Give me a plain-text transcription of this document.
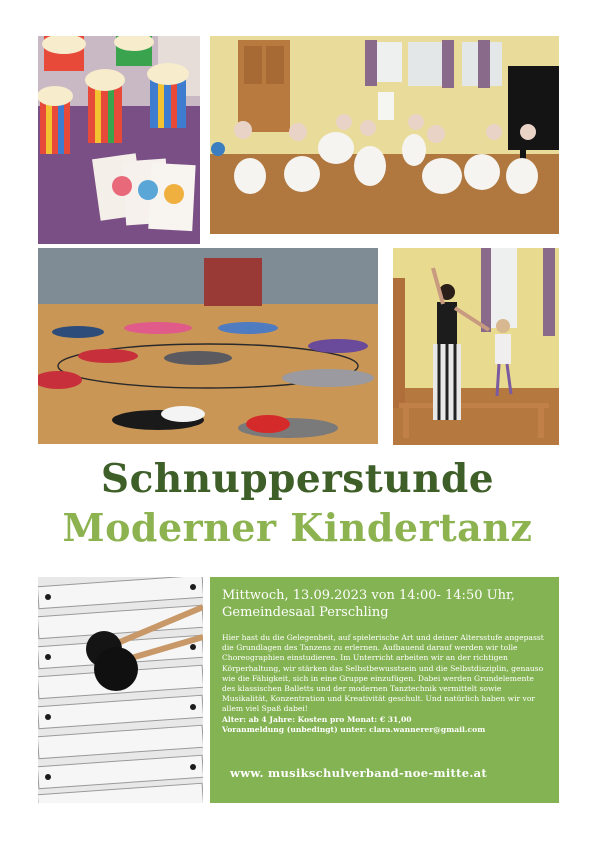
Schnupperstunde
Moderner Kindertanz

Mittwoch, 13.09.2023 von 14:00- 14:50 Uhr,
Gemeindesaal Perschling

Hier hast du die Gelegenheit, auf spielerische Art und deiner Altersstufe angepasst die Grundlagen des Tanzens zu erlernen. Aufbauend darauf werden wir tolle Choreographien einstudieren. Im Unterricht arbeiten wir an der richtigen Körperhaltung, wir stärken das Selbstbewusstsein und die Selbstdisziplin, genauso wie die Fähigkeit, sich in eine Gruppe einzufügen. Dabei werden Grundelemente des klassischen Balletts und der modernen Tanztechnik vermittelt sowie Musikalität, Konzentration und Kreativität geschult. Und natürlich haben wir vor allem viel Spaß dabei!

Alter: ab 4 Jahre: Kosten pro Monat: € 31,00

Voranmeldung (unbedingt) unter: clara.wannerer@gmail.com

www. musikschulverband-noe-mitte.at
